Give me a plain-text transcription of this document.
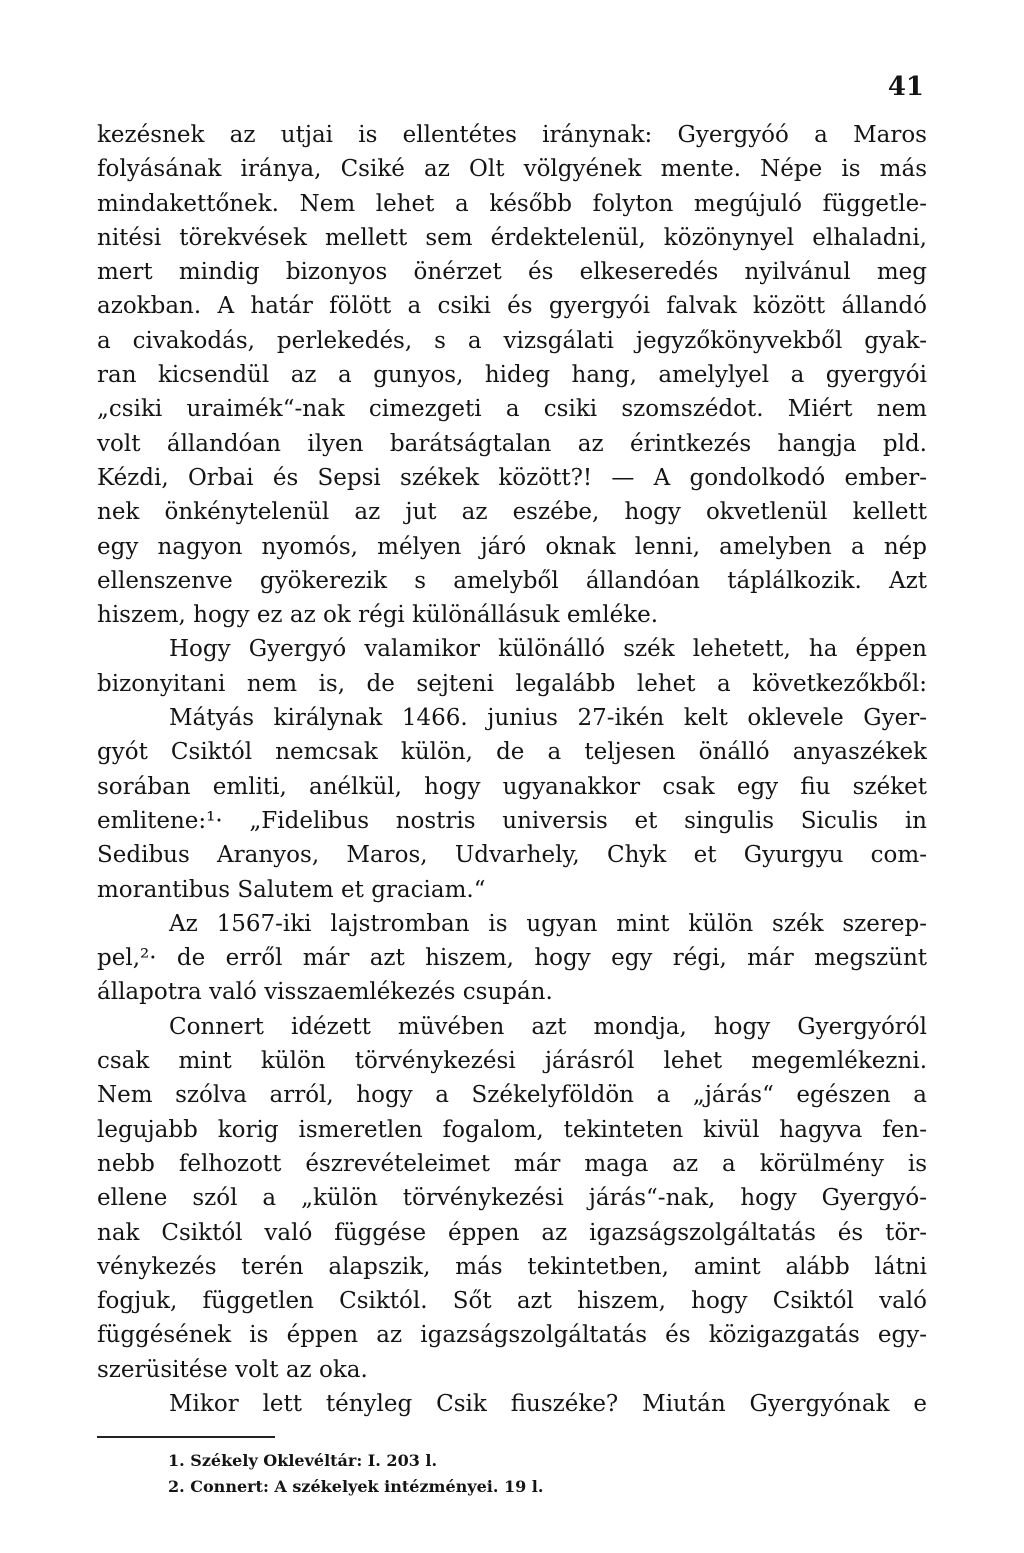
41

kezésnek az utjai is ellentétes iránynak: Gyergyóó a Maros
folyásának iránya, Csiké az Olt völgyének mente. Népe is más
mindakettőnek. Nem lehet a később folyton megújuló függetle-
nitési törekvések mellett sem érdektelenül, közönynyel elhaladni,
mert mindig bizonyos önérzet és elkeseredés nyilvánul meg
azokban. A határ fölött a csiki és gyergyói falvak között állandó
a civakodás, perlekedés, s a vizsgálati jegyzőkönyvekből gyak-
ran kicsendül az a gunyos, hideg hang, amelylyel a gyergyói
„csiki uraimék“-nak cimezgeti a csiki szomszédot. Miért nem
volt állandóan ilyen barátságtalan az érintkezés hangja pld.
Kézdi, Orbai és Sepsi székek között?! — A gondolkodó ember-
nek önkénytelenül az jut az eszébe, hogy okvetlenül kellett
egy nagyon nyomós, mélyen járó oknak lenni, amelyben a nép
ellenszenve gyökerezik s amelyből állandóan táplálkozik. Azt
hiszem, hogy ez az ok régi különállásuk emléke.

Hogy Gyergyó valamikor különálló szék lehetett, ha éppen
bizonyitani nem is, de sejteni legalább lehet a következőkből:
Mátyás királynak 1466. junius 27-ikén kelt oklevele Gyer-
gyót Csiktól nemcsak külön, de a teljesen önálló anyaszékek
sorában emliti, anélkül, hogy ugyanakkor csak egy fiu széket
emlitene:¹· „Fidelibus nostris universis et singulis Siculis in
Sedibus Aranyos, Maros, Udvarhely, Chyk et Gyurgyu com-
morantibus Salutem et graciam.“

Az 1567-iki lajstromban is ugyan mint külön szék szerep-
pel,²· de erről már azt hiszem, hogy egy régi, már megszünt
állapotra való visszaemlékezés csupán.

Connert idézett müvében azt mondja, hogy Gyergyóról
csak mint külön törvénykezési járásról lehet megemlékezni.
Nem szólva arról, hogy a Székelyföldön a „járás“ egészen a
legujabb korig ismeretlen fogalom, tekinteten kivül hagyva fen-
nebb felhozott észrevételeimet már maga az a körülmény is
ellene szól a „külön törvénykezési járás“-nak, hogy Gyergyó-
nak Csiktól való függése éppen az igazságszolgáltatás és tör-
vénykezés terén alapszik, más tekintetben, amint alább látni
fogjuk, független Csiktól. Sőt azt hiszem, hogy Csiktól való
függésének is éppen az igazságszolgáltatás és közigazgatás egy-
szerüsitése volt az oka.

Mikor lett tényleg Csik fiuszéke? Miután Gyergyónak e

1. Székely Oklevéltár: I. 203 l.
2. Connert: A székelyek intézményei. 19 l.
